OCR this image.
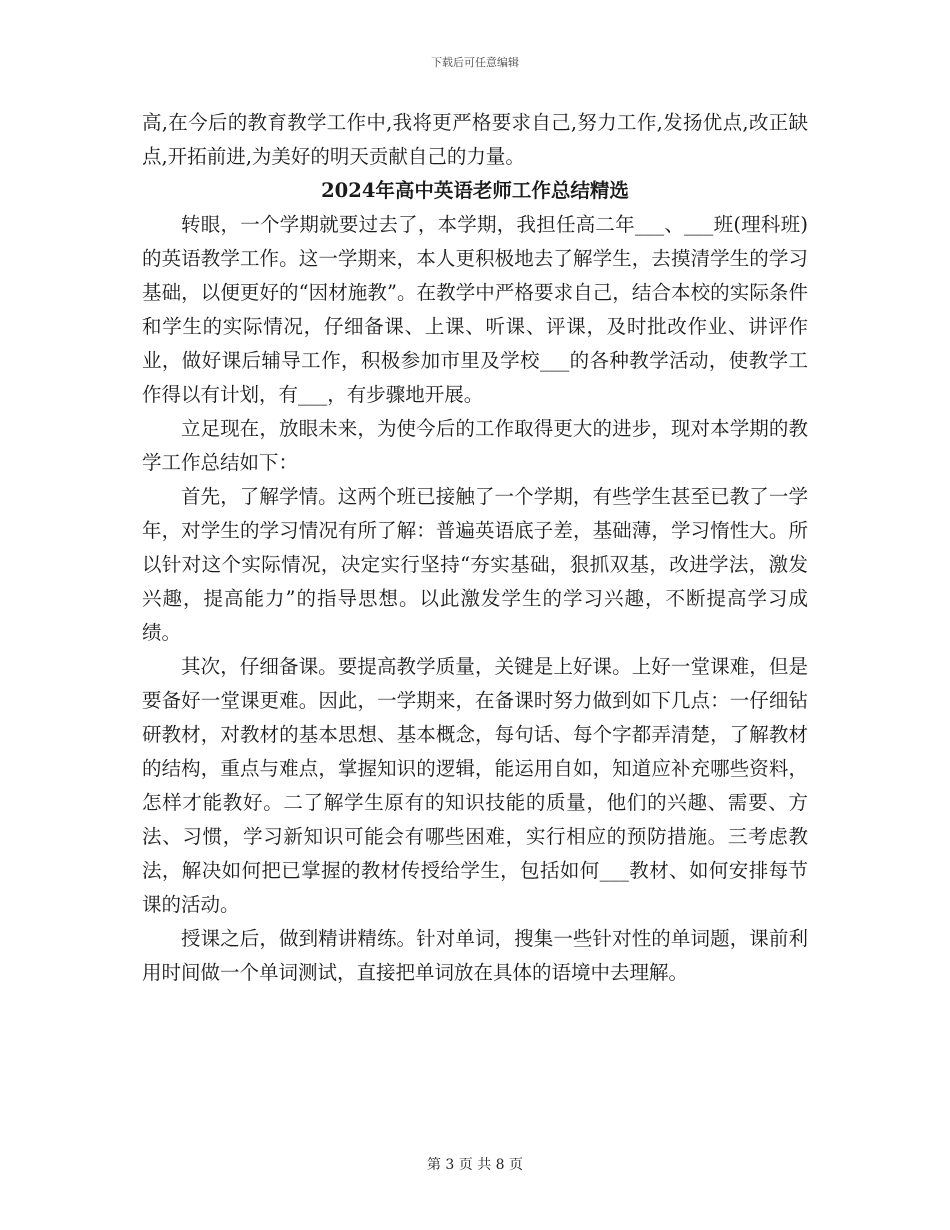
下载后可任意编辑

高,在今后的教育教学工作中,我将更严格要求自己,努力工作,发扬优点,改正缺点,开拓前进,为美好的明天贡献自己的力量。

2024年高中英语老师工作总结精选

转眼，一个学期就要过去了，本学期，我担任高二年___、___班(理科班)的英语教学工作。这一学期来，本人更积极地去了解学生，去摸清学生的学习基础，以便更好的“因材施教”。在教学中严格要求自己，结合本校的实际条件和学生的实际情况，仔细备课、上课、听课、评课，及时批改作业、讲评作业，做好课后辅导工作，积极参加市里及学校___的各种教学活动，使教学工作得以有计划，有___，有步骤地开展。

立足现在，放眼未来，为使今后的工作取得更大的进步，现对本学期的教学工作总结如下：

首先，了解学情。这两个班已接触了一个学期，有些学生甚至已教了一学年，对学生的学习情况有所了解：普遍英语底子差，基础薄，学习惰性大。所以针对这个实际情况，决定实行坚持“夯实基础，狠抓双基，改进学法，激发兴趣，提高能力”的指导思想。以此激发学生的学习兴趣，不断提高学习成绩。

其次，仔细备课。要提高教学质量，关键是上好课。上好一堂课难，但是要备好一堂课更难。因此，一学期来，在备课时努力做到如下几点：一仔细钻研教材，对教材的基本思想、基本概念，每句话、每个字都弄清楚，了解教材的结构，重点与难点，掌握知识的逻辑，能运用自如，知道应补充哪些资料，怎样才能教好。二了解学生原有的知识技能的质量，他们的兴趣、需要、方法、习惯，学习新知识可能会有哪些困难，实行相应的预防措施。三考虑教法，解决如何把已掌握的教材传授给学生，包括如何___教材、如何安排每节课的活动。

授课之后，做到精讲精练。针对单词，搜集一些针对性的单词题，课前利用时间做一个单词测试，直接把单词放在具体的语境中去理解。

第 3 页 共 8 页
